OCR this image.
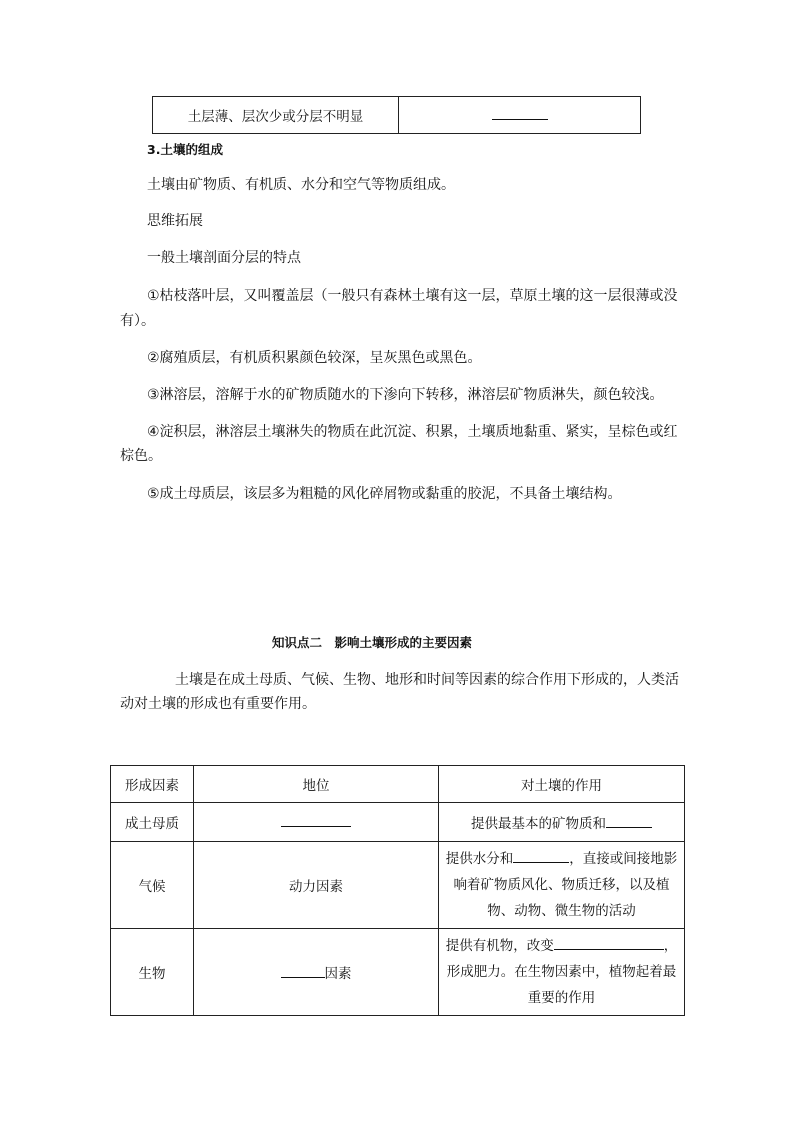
土层薄、层次少或分层不明显	
3.土壤的组成
土壤由矿物质、有机质、水分和空气等物质组成。
思维拓展
一般土壤剖面分层的特点
①枯枝落叶层，又叫覆盖层（一般只有森林土壤有这一层，草原土壤的这一层很薄或没
有）。
②腐殖质层，有机质积累颜色较深，呈灰黑色或黑色。
③淋溶层，溶解于水的矿物质随水的下渗向下转移，淋溶层矿物质淋失，颜色较浅。
④淀积层，淋溶层土壤淋失的物质在此沉淀、积累，土壤质地黏重、紧实，呈棕色或红
棕色。
⑤成土母质层，该层多为粗糙的风化碎屑物或黏重的胶泥，不具备土壤结构。
知识点二　影响土壤形成的主要因素
土壤是在成土母质、气候、生物、地形和时间等因素的综合作用下形成的，人类活
动对土壤的形成也有重要作用。
形成因素	地位	对土壤的作用
成土母质		提供最基本的矿物质和
气候	动力因素	提供水分和 ，直接或间接地影响着矿物质风化、物质迁移，以及植物、动物、微生物的活动
生物	因素	提供有机物，改变 ，形成肥力。在生物因素中，植物起着最重要的作用
